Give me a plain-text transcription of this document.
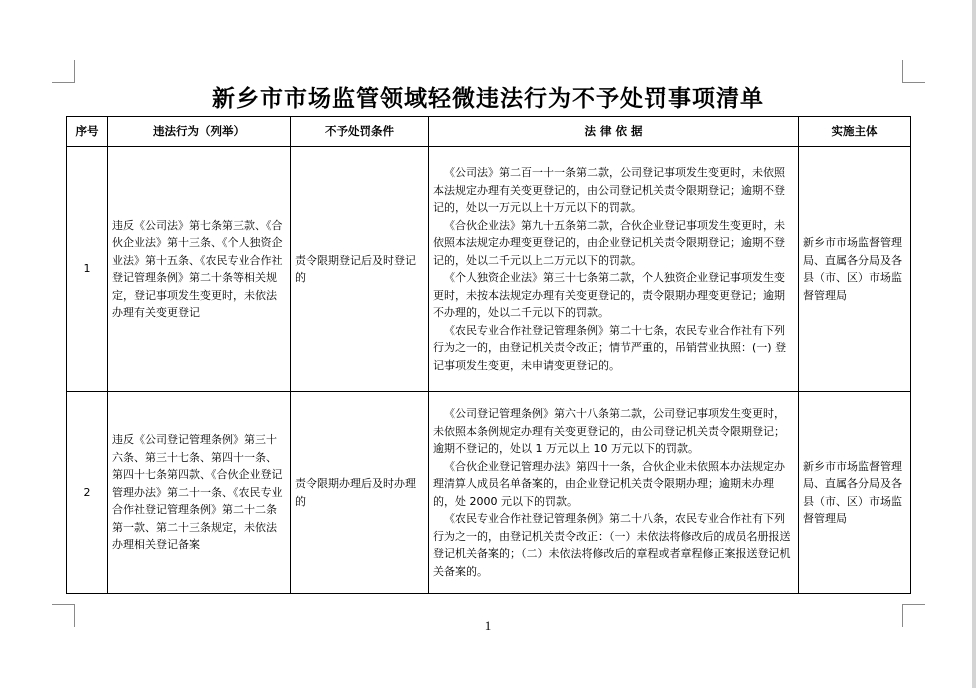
新乡市市场监管领域轻微违法行为不予处罚事项清单
序号	违法行为（列举）	不予处罚条件	法 律 依 据	实施主体
1	违反《公司法》第七条第三款、《合伙企业法》第十三条、《个人独资企业法》第十五条、《农民专业合作社登记管理条例》第二十条等相关规定，登记事项发生变更时，未依法办理有关变更登记	责令限期登记后及时登记的	《公司法》第二百一十一条第二款，公司登记事项发生变更时，未依照本法规定办理有关变更登记的，由公司登记机关责令限期登记；逾期不登记的，处以一万元以上十万元以下的罚款。

《合伙企业法》第九十五条第二款，合伙企业登记事项发生变更时，未依照本法规定办理变更登记的，由企业登记机关责令限期登记；逾期不登记的，处以二千元以上二万元以下的罚款。

《个人独资企业法》第三十七条第二款，个人独资企业登记事项发生变更时，未按本法规定办理有关变更登记的，责令限期办理变更登记；逾期不办理的，处以二千元以下的罚款。

《农民专业合作社登记管理条例》第二十七条，农民专业合作社有下列行为之一的，由登记机关责令改正；情节严重的，吊销营业执照：(一) 登记事项发生变更，未申请变更登记的。	新乡市市场监督管理局、直属各分局及各县（市、区）市场监督管理局
2	违反《公司登记管理条例》第三十六条、第三十七条、第四十一条、第四十七条第四款、《合伙企业登记管理办法》第二十一条、《农民专业合作社登记管理条例》第二十二条第一款、第二十三条规定，未依法办理相关登记备案	责令限期办理后及时办理的	《公司登记管理条例》第六十八条第二款，公司登记事项发生变更时，未依照本条例规定办理有关变更登记的，由公司登记机关责令限期登记；逾期不登记的，处以 1 万元以上 10 万元以下的罚款。

《合伙企业登记管理办法》第四十一条，合伙企业未依照本办法规定办理清算人成员名单备案的，由企业登记机关责令限期办理；逾期未办理的，处 2000 元以下的罚款。

《农民专业合作社登记管理条例》第二十八条，农民专业合作社有下列行为之一的，由登记机关责令改正：（一）未依法将修改后的成员名册报送登记机关备案的；（二）未依法将修改后的章程或者章程修正案报送登记机关备案的。	新乡市市场监督管理局、直属各分局及各县（市、区）市场监督管理局
1
